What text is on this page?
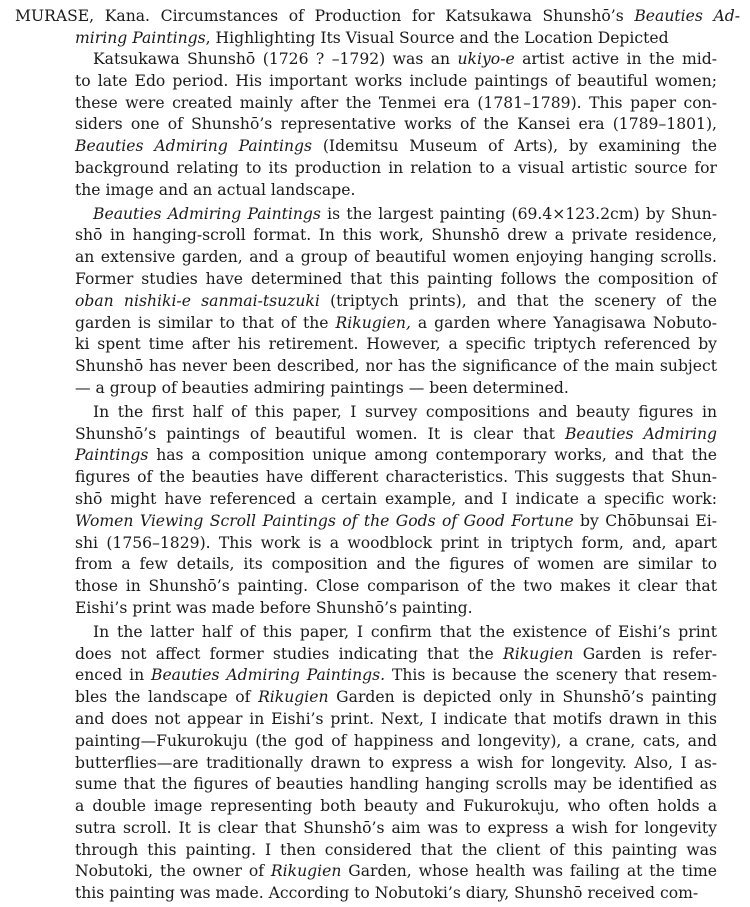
MURASE, Kana. Circumstances of Production for Katsukawa Shunshō’s Beauties Ad-
miring Paintings, Highlighting Its Visual Source and the Location Depicted

Katsukawa Shunshō (1726 ? –1792) was an ukiyo-e artist active in the mid-
to late Edo period. His important works include paintings of beautiful women;
these were created mainly after the Tenmei era (1781–1789). This paper con-
siders one of Shunshō’s representative works of the Kansei era (1789–1801),
Beauties Admiring Paintings (Idemitsu Museum of Arts), by examining the
background relating to its production in relation to a visual artistic source for
the image and an actual landscape.

Beauties Admiring Paintings is the largest painting (69.4×123.2cm) by Shun-
shō in hanging-scroll format. In this work, Shunshō drew a private residence,
an extensive garden, and a group of beautiful women enjoying hanging scrolls.
Former studies have determined that this painting follows the composition of
oban nishiki-e sanmai-tsuzuki (triptych prints), and that the scenery of the
garden is similar to that of the Rikugien, a garden where Yanagisawa Nobuto-
ki spent time after his retirement. However, a specific triptych referenced by
Shunshō has never been described, nor has the significance of the main subject
— a group of beauties admiring paintings — been determined.

In the first half of this paper, I survey compositions and beauty figures in
Shunshō’s paintings of beautiful women. It is clear that Beauties Admiring
Paintings has a composition unique among contemporary works, and that the
figures of the beauties have different characteristics. This suggests that Shun-
shō might have referenced a certain example, and I indicate a specific work:
Women Viewing Scroll Paintings of the Gods of Good Fortune by Chōbunsai Ei-
shi (1756–1829). This work is a woodblock print in triptych form, and, apart
from a few details, its composition and the figures of women are similar to
those in Shunshō’s painting. Close comparison of the two makes it clear that
Eishi’s print was made before Shunshō’s painting.

In the latter half of this paper, I confirm that the existence of Eishi’s print
does not affect former studies indicating that the Rikugien Garden is refer-
enced in Beauties Admiring Paintings. This is because the scenery that resem-
bles the landscape of Rikugien Garden is depicted only in Shunshō’s painting
and does not appear in Eishi’s print. Next, I indicate that motifs drawn in this
painting—Fukurokuju (the god of happiness and longevity), a crane, cats, and
butterflies—are traditionally drawn to express a wish for longevity. Also, I as-
sume that the figures of beauties handling hanging scrolls may be identified as
a double image representing both beauty and Fukurokuju, who often holds a
sutra scroll. It is clear that Shunshō’s aim was to express a wish for longevity
through this painting. I then considered that the client of this painting was
Nobutoki, the owner of Rikugien Garden, whose health was failing at the time
this painting was made. According to Nobutoki’s diary, Shunshō received com-
